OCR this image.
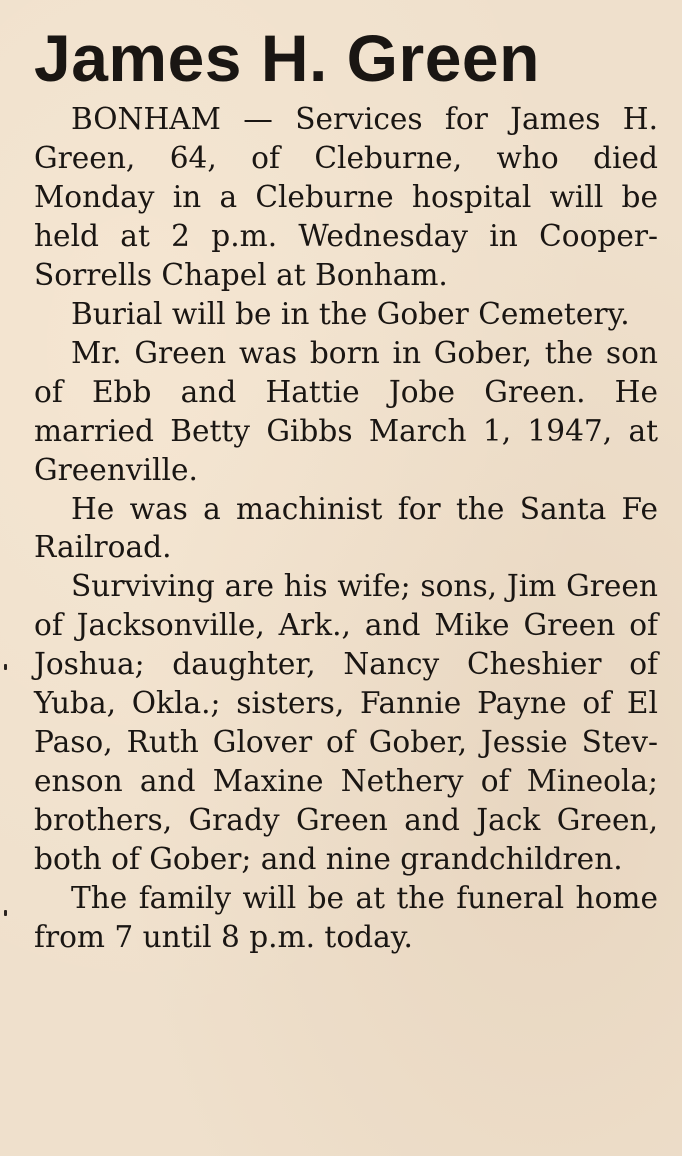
James H. Green

BONHAM — Services for James H. Green, 64, of Cleburne, who died Monday in a Cleburne hospital will be held at 2 p.m. Wednesday in Cooper-Sorrells Chapel at Bonham.

Burial will be in the Gober Cemetery.

Mr. Green was born in Gober, the son of Ebb and Hattie Jobe Green. He married Betty Gibbs March 1, 1947, at Greenville.

He was a machinist for the Santa Fe Railroad.

Surviving are his wife; sons, Jim Green of Jacksonville, Ark., and Mike Green of Joshua; daughter, Nancy Cheshier of Yuba, Okla.; sisters, Fannie Payne of El Paso, Ruth Glover of Gober, Jessie Stevenson and Maxine Nethery of Mineola; brothers, Grady Green and Jack Green, both of Gober; and nine grandchildren.

The family will be at the funeral home from 7 until 8 p.m. today.
